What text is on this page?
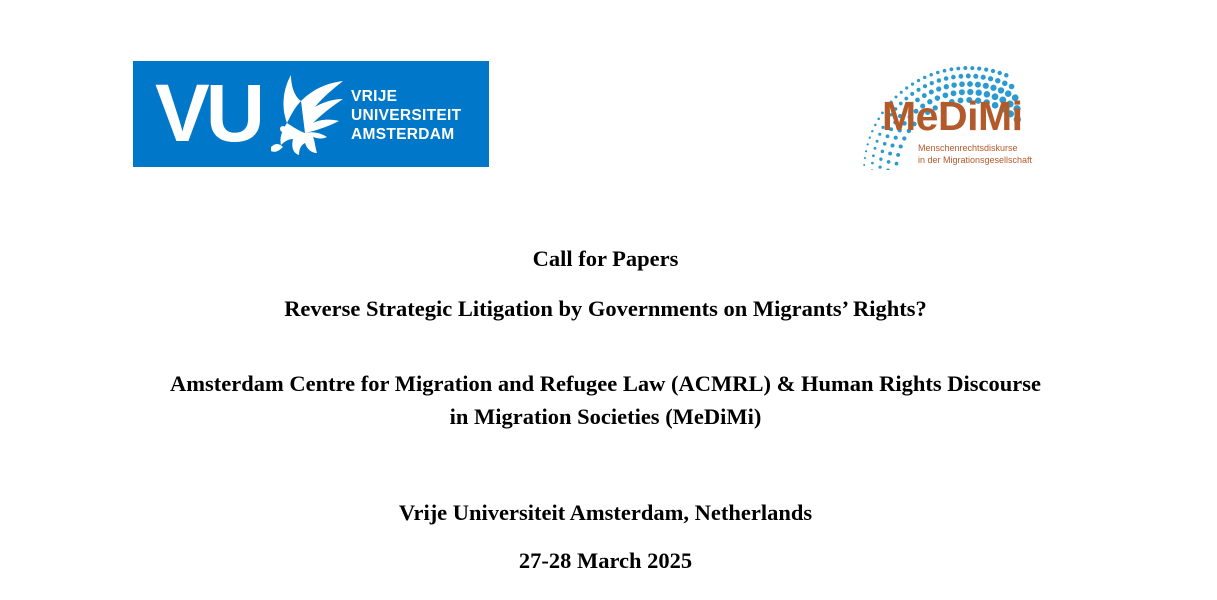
VU	VRIJE
UNIVERSITEIT
AMSTERDAM	MeDiMi
Menschenrechtsdiskurse
in der Migrationsgesellschaft
Call for Papers
Reverse Strategic Litigation by Governments on Migrants’ Rights?
Amsterdam Centre for Migration and Refugee Law (ACMRL) & Human Rights Discourse
in Migration Societies (MeDiMi)
Vrije Universiteit Amsterdam, Netherlands
27-28 March 2025
